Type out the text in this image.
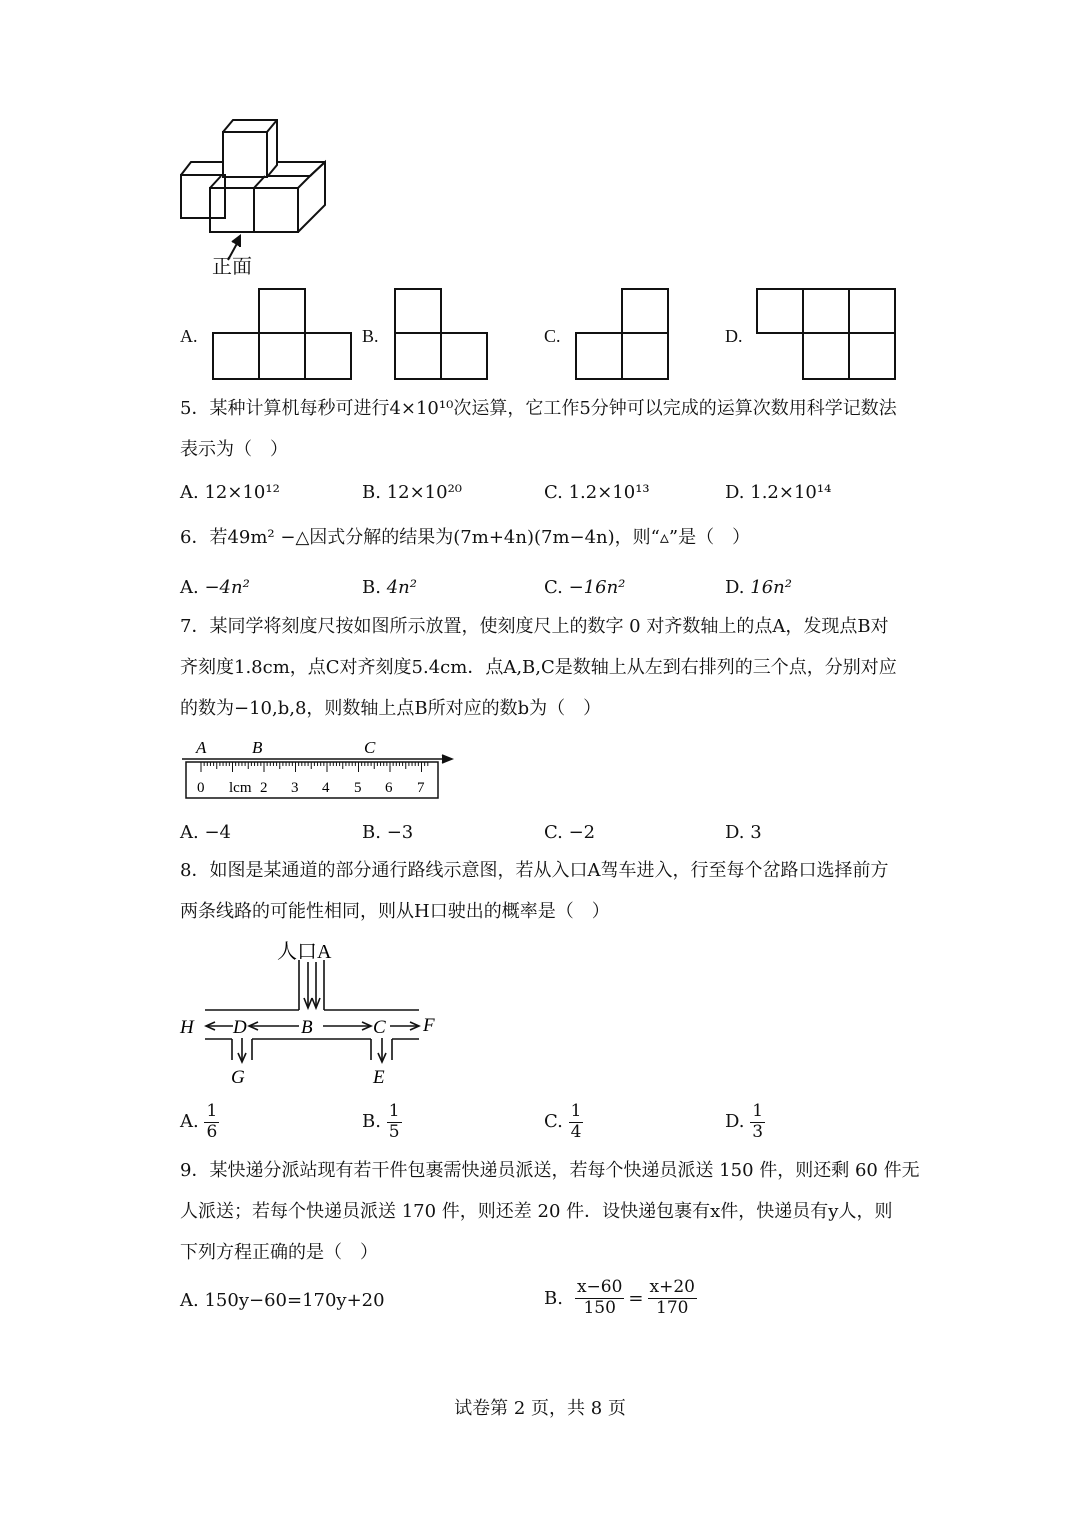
正面
A.	B.	C.	D.
5．某种计算机每秒可进行4×10¹⁰次运算，它工作5分钟可以完成的运算次数用科学记数法
表示为（　）
A. 12×10¹²	B. 12×10²⁰	C. 1.2×10¹³	D. 1.2×10¹⁴
6．若49m² −△因式分解的结果为(7m+4n)(7m−4n)，则“▵”是（　）
A. −4n²	B. 4n²	C. −16n²	D. 16n²
7．某同学将刻度尺按如图所示放置，使刻度尺上的数字 0 对齐数轴上的点A，发现点B对
齐刻度1.8cm，点C对齐刻度5.4cm．点A,B,C是数轴上从左到右排列的三个点，分别对应
的数为−10,b,8，则数轴上点B所对应的数b为（　）
A	B	C
0 lcm 2 3 4 5 6 7
A. −4	B. −3	C. −2	D. 3
8．如图是某通道的部分通行路线示意图，若从入口A驾车进入，行至每个岔路口选择前方
两条线路的可能性相同，则从H口驶出的概率是（　）
人口A
H D	B	C F
G	E
A. $\frac{1}{6}$	B. $\frac{1}{5}$	C. $\frac{1}{4}$	D. $\frac{1}{3}$
9．某快递分派站现有若干件包裹需快递员派送，若每个快递员派送 150 件，则还剩 60 件无
人派送；若每个快递员派送 170 件，则还差 20 件．设快递包裹有x件，快递员有y人，则
下列方程正确的是（　）
A. 150y−60=170y+20	B. $\frac{x-60}{150} = \frac{x+20}{170}$
试卷第 2 页，共 8 页
